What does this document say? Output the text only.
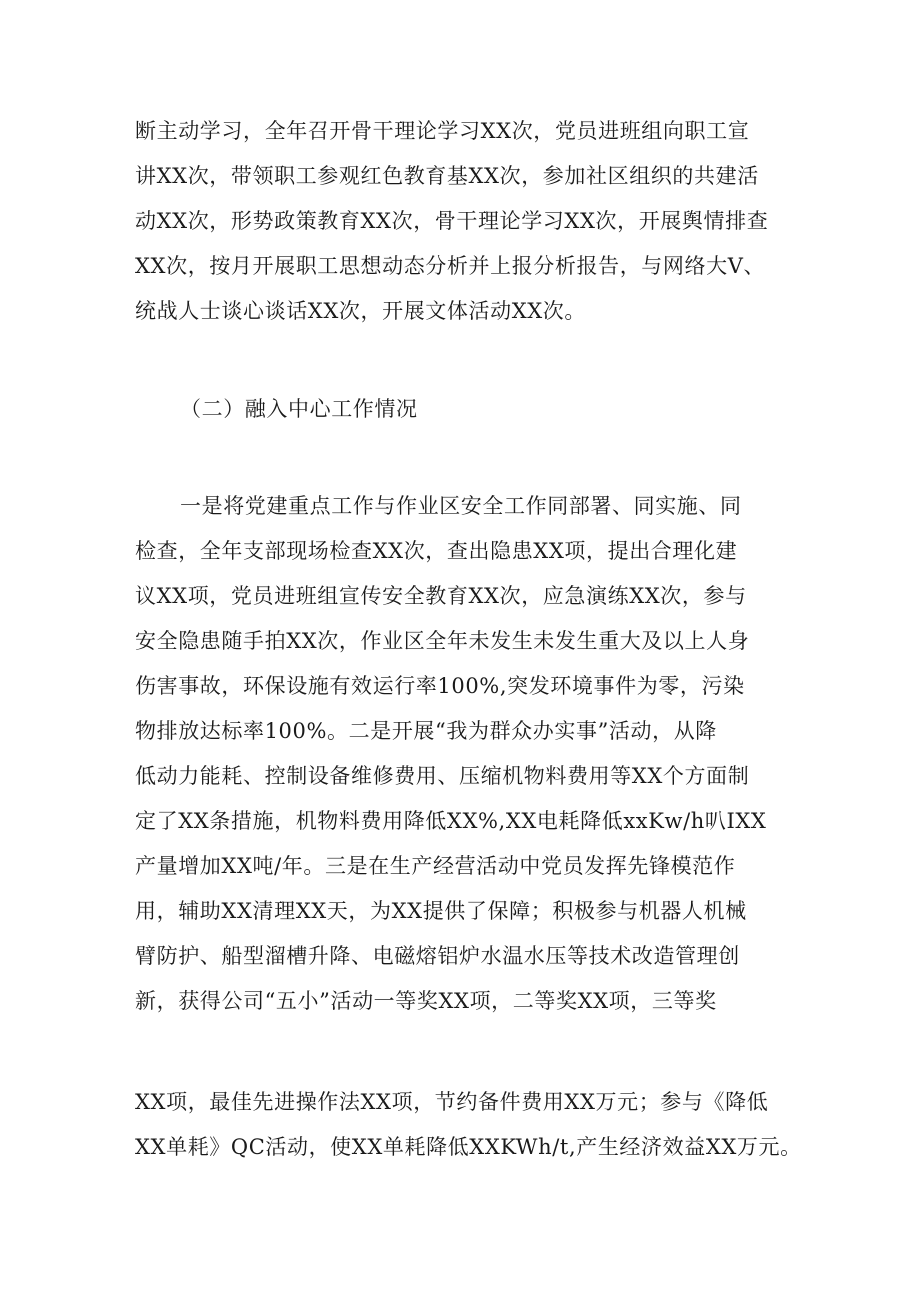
断主动学习，全年召开骨干理论学习XX次，党员进班组向职工宣
讲XX次，带领职工参观红色教育基XX次，参加社区组织的共建活
动XX次，形势政策教育XX次，骨干理论学习XX次，开展舆情排查
XX次，按月开展职工思想动态分析并上报分析报告，与网络大V、
统战人士谈心谈话XX次，开展文体活动XX次。
（二）融入中心工作情况
一是将党建重点工作与作业区安全工作同部署、同实施、同
检查，全年支部现场检查XX次，查出隐患XX项，提出合理化建
议XX项，党员进班组宣传安全教育XX次，应急演练XX次，参与
安全隐患随手拍XX次，作业区全年未发生未发生重大及以上人身
伤害事故，环保设施有效运行率100%,突发环境事件为零，污染
物排放达标率100%。二是开展“我为群众办实事”活动，从降
低动力能耗、控制设备维修费用、压缩机物料费用等XX个方面制
定了XX条措施，机物料费用降低XX%,XX电耗降低xxKw/h叭IXX
产量增加XX吨/年。三是在生产经营活动中党员发挥先锋模范作
用，辅助XX清理XX天，为XX提供了保障；积极参与机器人机械
臂防护、船型溜槽升降、电磁熔铝炉水温水压等技术改造管理创
新，获得公司“五小”活动一等奖XX项，二等奖XX项，三等奖
XX项，最佳先进操作法XX项，节约备件费用XX万元；参与《降低
XX单耗》QC活动，使XX单耗降低XXKWh/t,产生经济效益XX万元。
